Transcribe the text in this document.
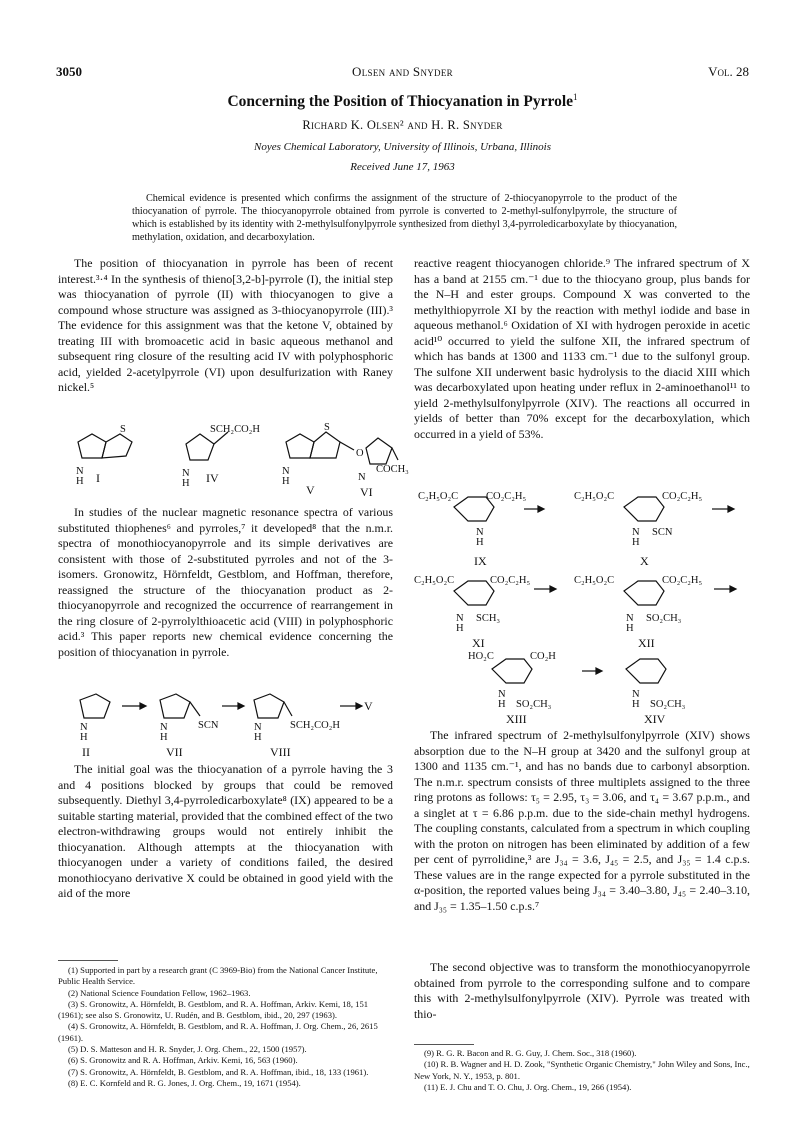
3050	Olsen and Snyder	Vol. 28
Concerning the Position of Thiocyanation in Pyrrole$^1$
Richard K. Olsen² and H. R. Snyder
Noyes Chemical Laboratory, University of Illinois, Urbana, Illinois
Received June 17, 1963
Chemical evidence is presented which confirms the assignment of the structure of 2-thiocyanopyrrole to the product of the thiocyanation of pyrrole. The thiocyanopyrrole obtained from pyrrole is converted to 2-methyl-sulfonylpyrrole, the structure of which is established by its identity with 2-methylsulfonylpyrrole synthesized from diethyl 3,4-pyrroledicarboxylate by thiocyanation, methylation, oxidation, and decarboxylation.

The position of thiocyanation in pyrrole has been of recent interest.³·⁴ In the synthesis of thieno[3,2-b]-pyrrole (I), the initial step was thiocyanation of pyrrole (II) with thiocyanogen to give a compound whose structure was assigned as 3-thiocyanopyrrole (III).³ The evidence for this assignment was that the ketone V, obtained by treating III with bromoacetic acid in basic aqueous methanol and subsequent ring closure of the resulting acid IV with polyphosphoric acid, yielded 2-acetylpyrrole (VI) upon desulfurization with Raney nickel.⁵

S
N
H I
SCH₂CO₂H
N
H IV
S
O
N
H
V
N
COCH₃
VI

In studies of the nuclear magnetic resonance spectra of various substituted thiophenes⁶ and pyrroles,⁷ it developed⁸ that the n.m.r. spectra of monothiocyanopyrrole and its simple derivatives are consistent with those of 2-substituted pyrroles and not of the 3-isomers. Gronowitz, Hörnfeldt, Gestblom, and Hoffman, therefore, reassigned the structure of the thiocyanation product as 2-thiocyanopyrrole and recognized the occurrence of rearrangement in the ring closure of 2-pyrrolylthioacetic acid (VIII) in polyphosphoric acid.³ This paper reports new chemical evidence concerning the position of thiocyanation in pyrrole.

N
H
II
N
H
SCN
VII
N
H
SCH₂CO₂H
VIII
V

The initial goal was the thiocyanation of a pyrrole having the 3 and 4 positions blocked by groups that could be removed subsequently. Diethyl 3,4-pyrroledicarboxylate⁸ (IX) appeared to be a suitable starting material, provided that the combined effect of the two electron-withdrawing groups would not entirely inhibit the thiocyanation. Although attempts at the thiocyanation with thiocyanogen under a variety of conditions failed, the desired monothiocyano derivative X could be obtained in good yield with the aid of the more

(1) Supported in part by a research grant (C 3969-Bio) from the National Cancer Institute, Public Health Service.

(2) National Science Foundation Fellow, 1962–1963.

(3) S. Gronowitz, A. Hörnfeldt, B. Gestblom, and R. A. Hoffman, Arkiv. Kemi, 18, 151 (1961); see also S. Gronowitz, U. Rudén, and B. Gestblom, ibid., 20, 297 (1963).

(4) S. Gronowitz, A. Hörnfeldt, B. Gestblom, and R. A. Hoffman, J. Org. Chem., 26, 2615 (1961).

(5) D. S. Matteson and H. R. Snyder, J. Org. Chem., 22, 1500 (1957).

(6) S. Gronowitz and R. A. Hoffman, Arkiv. Kemi, 16, 563 (1960).

(7) S. Gronowitz, A. Hörnfeldt, B. Gestblom, and R. A. Hoffman, ibid., 18, 133 (1961).

(8) E. C. Kornfeld and R. G. Jones, J. Org. Chem., 19, 1671 (1954).

reactive reagent thiocyanogen chloride.⁹ The infrared spectrum of X has a band at 2155 cm.⁻¹ due to the thiocyano group, plus bands for the N–H and ester groups. Compound X was converted to the methylthiopyrrole XI by the reaction with methyl iodide and base in aqueous methanol.⁶ Oxidation of XI with hydrogen peroxide in acetic acid¹⁰ occurred to yield the sulfone XII, the infrared spectrum of which has bands at 1300 and 1133 cm.⁻¹ due to the sulfonyl group. The sulfone XII underwent basic hydrolysis to the diacid XIII which was decarboxylated upon heating under reflux in 2-aminoethanol¹¹ to yield 2-methylsulfonylpyrrole (XIV). The reactions all occurred in yields of better than 70% except for the decarboxylation, which occurred in a yield of 53%.

C₂H₅O₂C	CO₂C₂H₅
N
H
IX
C₂H₅O₂C	CO₂C₂H₅
N
H
SCN
X
C₂H₅O₂C	CO₂C₂H₅
N
H
SCH₃
XI
C₂H₅O₂C	CO₂C₂H₅
N
H
SO₂CH₃
XII
HO₂C	CO₂H
N
H SO₂CH₃
XIII
N
H SO₂CH₃
XIV

The infrared spectrum of 2-methylsulfonylpyrrole (XIV) shows absorption due to the N–H group at 3420 and the sulfonyl group at 1300 and 1135 cm.⁻¹, and has no bands due to carbonyl absorption. The n.m.r. spectrum consists of three multiplets assigned to the three ring protons as follows: τ₅ = 2.95, τ₃ = 3.06, and τ₄ = 3.67 p.p.m., and a singlet at τ = 6.86 p.p.m. due to the side-chain methyl hydrogens. The coupling constants, calculated from a spectrum in which coupling with the proton on nitrogen has been eliminated by addition of a few per cent of pyrrolidine,³ are J₃₄ = 3.6, J₄₅ = 2.5, and J₃₅ = 1.4 c.p.s. These values are in the range expected for a pyrrole substituted in the α-position, the reported values being J₃₄ = 3.40–3.80, J₄₅ = 2.40–3.10, and J₃₅ = 1.35–1.50 c.p.s.⁷

The second objective was to transform the monothiocyanopyrrole obtained from pyrrole to the corresponding sulfone and to compare this with 2-methylsulfonylpyrrole (XIV). Pyrrole was treated with thio-

(9) R. G. R. Bacon and R. G. Guy, J. Chem. Soc., 318 (1960).

(10) R. B. Wagner and H. D. Zook, "Synthetic Organic Chemistry," John Wiley and Sons, Inc., New York, N. Y., 1953, p. 801.

(11) E. J. Chu and T. O. Chu, J. Org. Chem., 19, 266 (1954).
